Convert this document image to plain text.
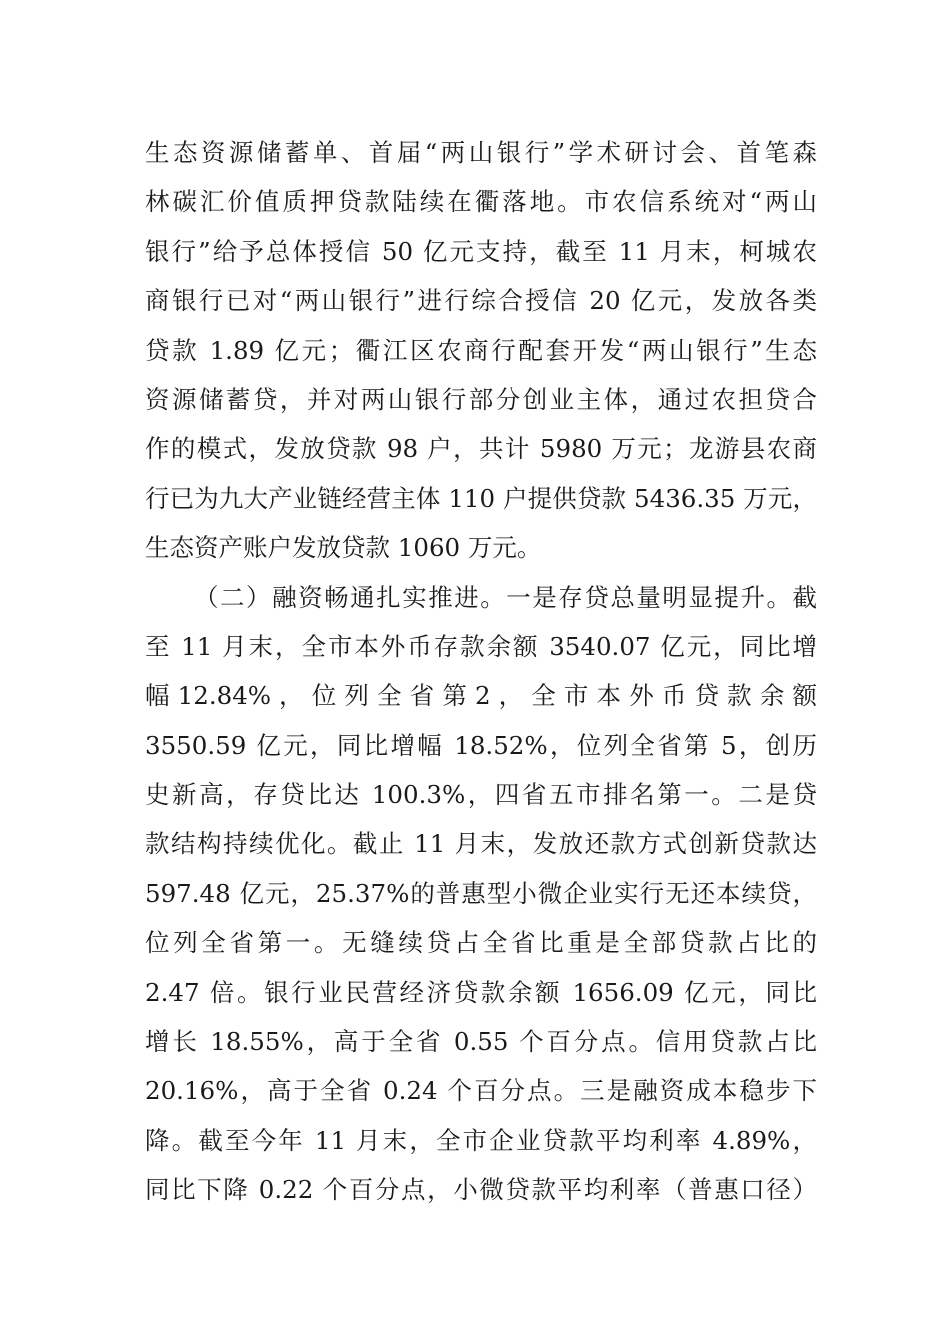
生态资源储蓄单、首届“两山银行”学术研讨会、首笔森
林碳汇价值质押贷款陆续在衢落地。市农信系统对“两山
银行”给予总体授信 50 亿元支持，截至 11 月末，柯城农
商银行已对“两山银行”进行综合授信 20 亿元，发放各类
贷款 1.89 亿元；衢江区农商行配套开发“两山银行”生态
资源储蓄贷，并对两山银行部分创业主体，通过农担贷合
作的模式，发放贷款 98 户，共计 5980 万元；龙游县农商
行已为九大产业链经营主体 110 户提供贷款 5436.35 万元，
生态资产账户发放贷款 1060 万元。
（二）融资畅通扎实推进。一是存贷总量明显提升。截
至 11 月末，全市本外币存款余额 3540.07 亿元，同比增
幅 12.84% ， 位 列 全 省 第 2 ， 全 市 本 外 币 贷 款 余 额
3550.59 亿元，同比增幅 18.52%，位列全省第 5，创历
史新高，存贷比达 100.3%，四省五市排名第一。二是贷
款结构持续优化。截止 11 月末，发放还款方式创新贷款达
597.48 亿元，25.37%的普惠型小微企业实行无还本续贷，
位列全省第一。无缝续贷占全省比重是全部贷款占比的
2.47 倍。银行业民营经济贷款余额 1656.09 亿元，同比
增长 18.55%，高于全省 0.55 个百分点。信用贷款占比
20.16%，高于全省 0.24 个百分点。三是融资成本稳步下
降。截至今年 11 月末，全市企业贷款平均利率 4.89%，
同比下降 0.22 个百分点，小微贷款平均利率（普惠口径）
